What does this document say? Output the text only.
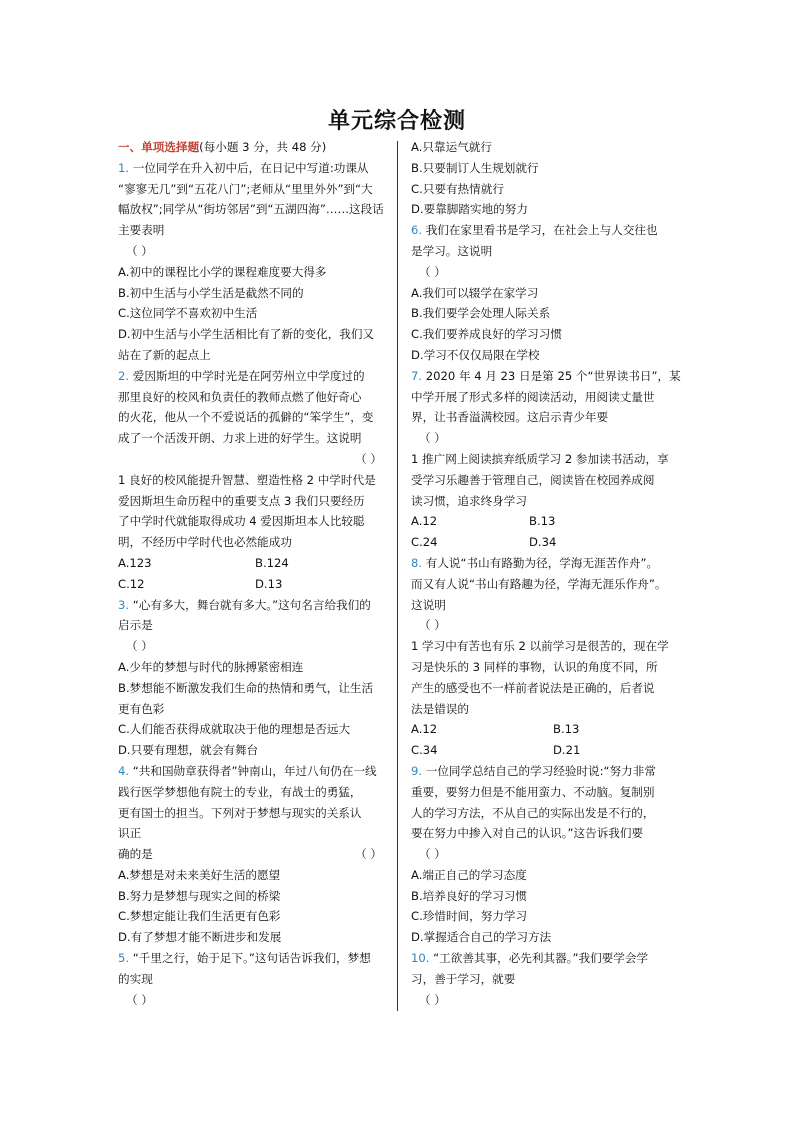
单元综合检测
一、单项选择题(每小题 3 分，共 48 分)
1. 一位同学在升入初中后，在日记中写道:功课从
“寥寥无几”到“五花八门”;老师从“里里外外”到“大
幅放权”;同学从“街坊邻居”到“五湖四海”……这段话
主要表明
（ ）
A.初中的课程比小学的课程难度要大得多
B.初中生活与小学生活是截然不同的
C.这位同学不喜欢初中生活
D.初中生活与小学生活相比有了新的变化，我们又
站在了新的起点上
2. 爱因斯坦的中学时光是在阿劳州立中学度过的
那里良好的校风和负责任的教师点燃了他好奇心
的火花，他从一个不爱说话的孤僻的“笨学生”，变
成了一个活泼开朗、力求上进的好学生。这说明
（ ）
1 良好的校风能提升智慧、塑造性格 2 中学时代是
爱因斯坦生命历程中的重要支点 3 我们只要经历
了中学时代就能取得成功 4 爱因斯坦本人比较聪
明，不经历中学时代也必然能成功
A.123	B.124
C.12	D.13
3. “心有多大，舞台就有多大。”这句名言给我们的
启示是
（ ）
A.少年的梦想与时代的脉搏紧密相连
B.梦想能不断激发我们生命的热情和勇气，让生活
更有色彩
C.人们能否获得成就取决于他的理想是否远大
D.只要有理想，就会有舞台
4. “共和国勋章获得者”钟南山，年过八旬仍在一线
践行医学梦想他有院士的专业，有战士的勇猛，
更有国士的担当。下列对于梦想与现实的关系认
识正
确的是	（ ）
A.梦想是对未来美好生活的愿望
B.努力是梦想与现实之间的桥梁
C.梦想定能让我们生活更有色彩
D.有了梦想才能不断进步和发展
5. “千里之行，始于足下。”这句话告诉我们，梦想
的实现
（ ）
A.只靠运气就行
B.只要制订人生规划就行
C.只要有热情就行
D.要靠脚踏实地的努力
6. 我们在家里看书是学习，在社会上与人交往也
是学习。这说明
（ ）
A.我们可以辍学在家学习
B.我们要学会处理人际关系
C.我们要养成良好的学习习惯
D.学习不仅仅局限在学校
7. 2020 年 4 月 23 日是第 25 个“世界读书日”，某
中学开展了形式多样的阅读活动，用阅读丈量世
界，让书香溢满校园。这启示青少年要
（ ）
1 推广网上阅读摈弃纸质学习 2 参加读书活动，享
受学习乐趣善于管理自己，阅读皆在校园养成阅
读习惯，追求终身学习
A.12	B.13
C.24	D.34
8. 有人说“书山有路勤为径，学海无涯苦作舟”。
而又有人说“书山有路趣为径，学海无涯乐作舟”。
这说明
（ ）
1 学习中有苦也有乐 2 以前学习是很苦的，现在学
习是快乐的 3 同样的事物，认识的角度不同，所
产生的感受也不一样前者说法是正确的，后者说
法是错误的
A.12	B.13
C.34	D.21
9. 一位同学总结自己的学习经验时说:“努力非常
重要，要努力但是不能用蛮力、不动脑。复制别
人的学习方法，不从自己的实际出发是不行的，
要在努力中掺入对自己的认识。”这告诉我们要
（ ）
A.端正自己的学习态度
B.培养良好的学习习惯
C.珍惜时间，努力学习
D.掌握适合自己的学习方法
10. “工欲善其事，必先利其器。”我们要学会学
习，善于学习，就要
（ ）
